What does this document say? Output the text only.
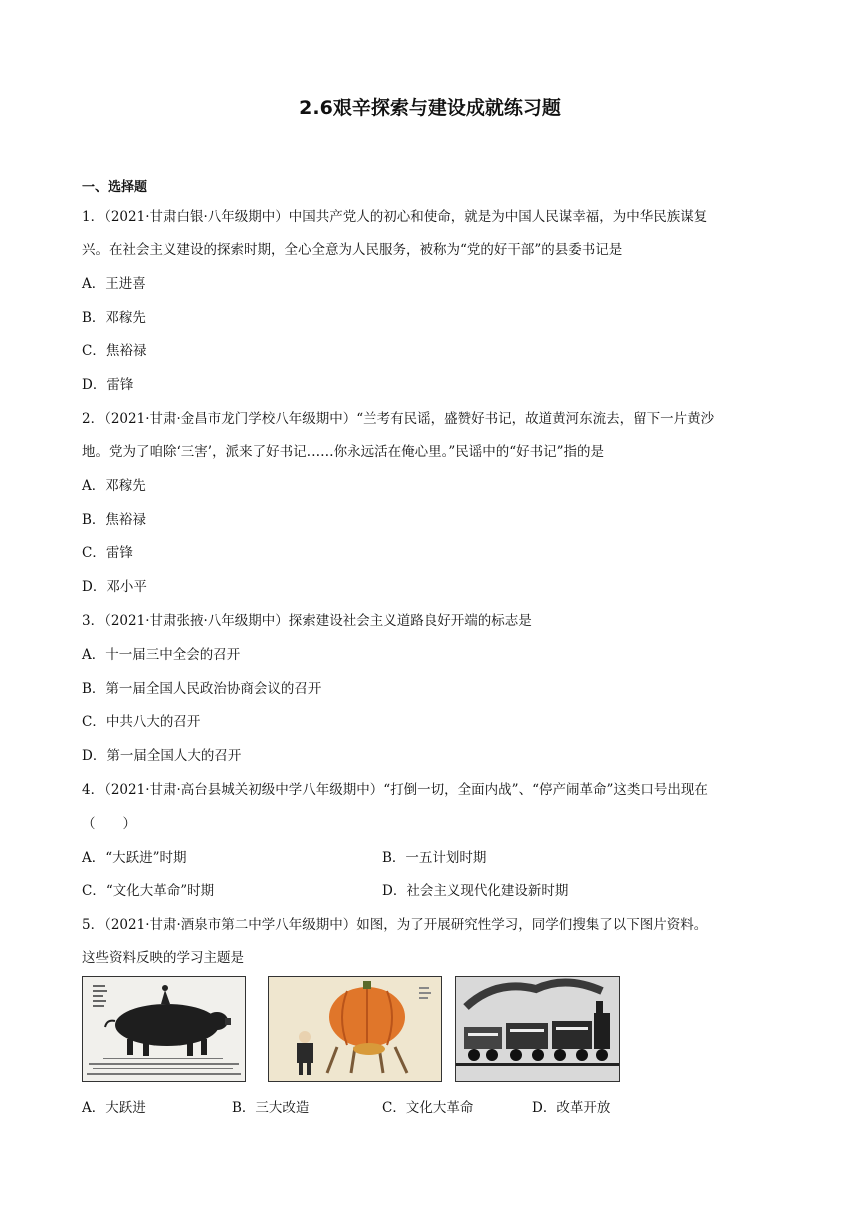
2.6艰辛探索与建设成就练习题
一、选择题
1．（2021·甘肃白银·八年级期中）中国共产党人的初心和使命，就是为中国人民谋幸福，为中华民族谋复
兴。在社会主义建设的探索时期，全心全意为人民服务，被称为“党的好干部”的县委书记是
A．王进喜
B．邓稼先
C．焦裕禄
D．雷锋
2．（2021·甘肃·金昌市龙门学校八年级期中）“兰考有民谣，盛赞好书记，故道黄河东流去，留下一片黄沙
地。党为了咱除‘三害’，派来了好书记……你永远活在俺心里。”民谣中的“好书记”指的是
A．邓稼先
B．焦裕禄
C．雷锋
D．邓小平
3．（2021·甘肃张掖·八年级期中）探索建设社会主义道路良好开端的标志是
A．十一届三中全会的召开
B．第一届全国人民政治协商会议的召开
C．中共八大的召开
D．第一届全国人大的召开
4．（2021·甘肃·高台县城关初级中学八年级期中）“打倒一切，全面内战”、“停产闹革命”这类口号出现在
（　　）
A．“大跃进”时期	B．一五计划时期
C．“文化大革命”时期	D．社会主义现代化建设新时期
5．（2021·甘肃·酒泉市第二中学八年级期中）如图，为了开展研究性学习，同学们搜集了以下图片资料。
这些资料反映的学习主题是
A．大跃进	B．三大改造	C．文化大革命	D．改革开放
